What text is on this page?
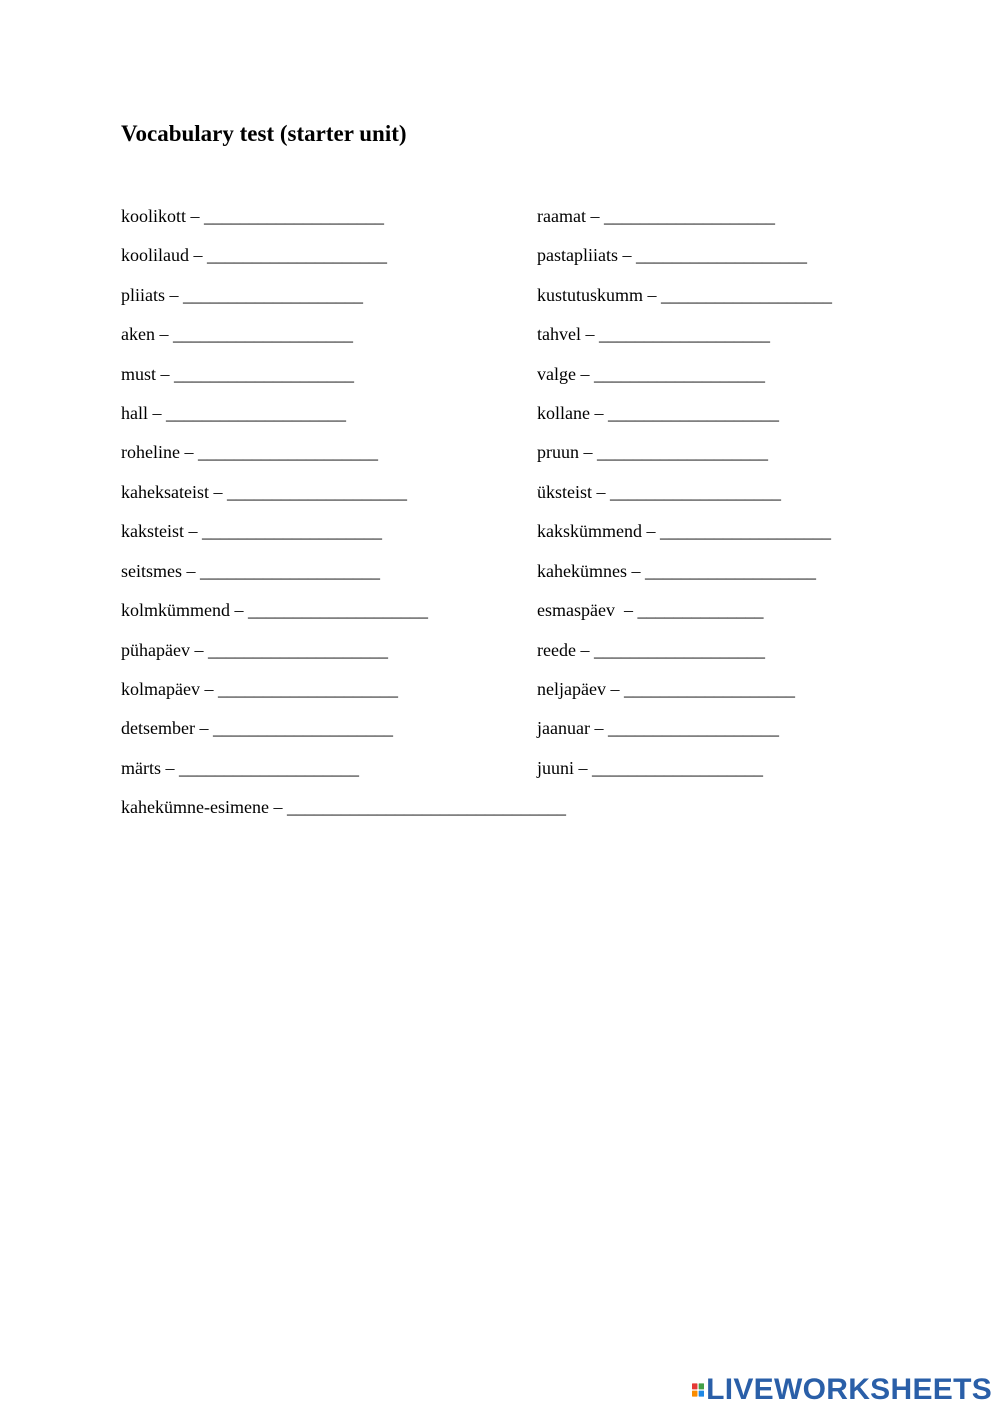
Vocabulary test (starter unit)
koolikott – ____________________
koolilaud – ____________________
pliiats – ____________________
aken – ____________________
must – ____________________
hall – ____________________
roheline – ____________________
kaheksateist – ____________________
kaksteist – ____________________
seitsmes – ____________________
kolmkümmend – ____________________
pühapäev – ____________________
kolmapäev – ____________________
detsember – ____________________
märts – ____________________
raamat – ___________________
pastapliiats – ___________________
kustutuskumm – ___________________
tahvel – ___________________
valge – ___________________
kollane – ___________________
pruun – ___________________
üksteist – ___________________
kakskümmend – ___________________
kahekümnes – ___________________
esmaspäev  – ______________
reede – ___________________
neljapäev – ___________________
jaanuar – ___________________
juuni – ___________________
kahekümne-esimene – _______________________________
LIVEWORKSHEETS
